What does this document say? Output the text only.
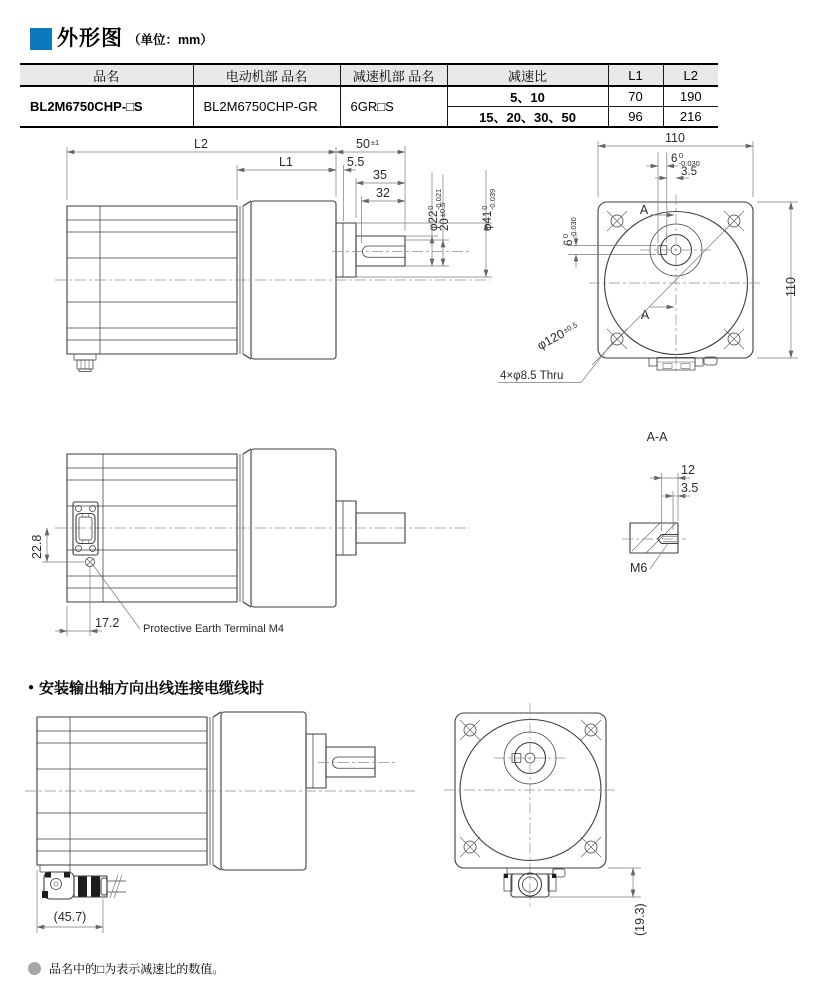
外形图 （单位：mm）
品名	电动机部 品名	减速机部 品名	减速比	L1	L2
BL2M6750CHP-□S	BL2M6750CHP-GR	6GR□S	5、10	70	190
			15、20、30、50	96	216
L2	$50^{\pm 1}$
L1	5.5
35
32
$\varphi 22^0-0.021$
$20^{\pm 0.5}$
$\varphi 41^0-0.039$
110
6 $^0$ -0.030
3.5
A
A
$6^0-0.030$
110
$\varphi 120^{\pm 0.5}$
4×φ8.5 Thru
22.8
17.2 Protective Earth Terminal M4
A-A
12
3.5
M6
● 安装输出轴方向出线连接电缆线时
(45.7)	(19.3)
品名中的□为表示减速比的数值。
